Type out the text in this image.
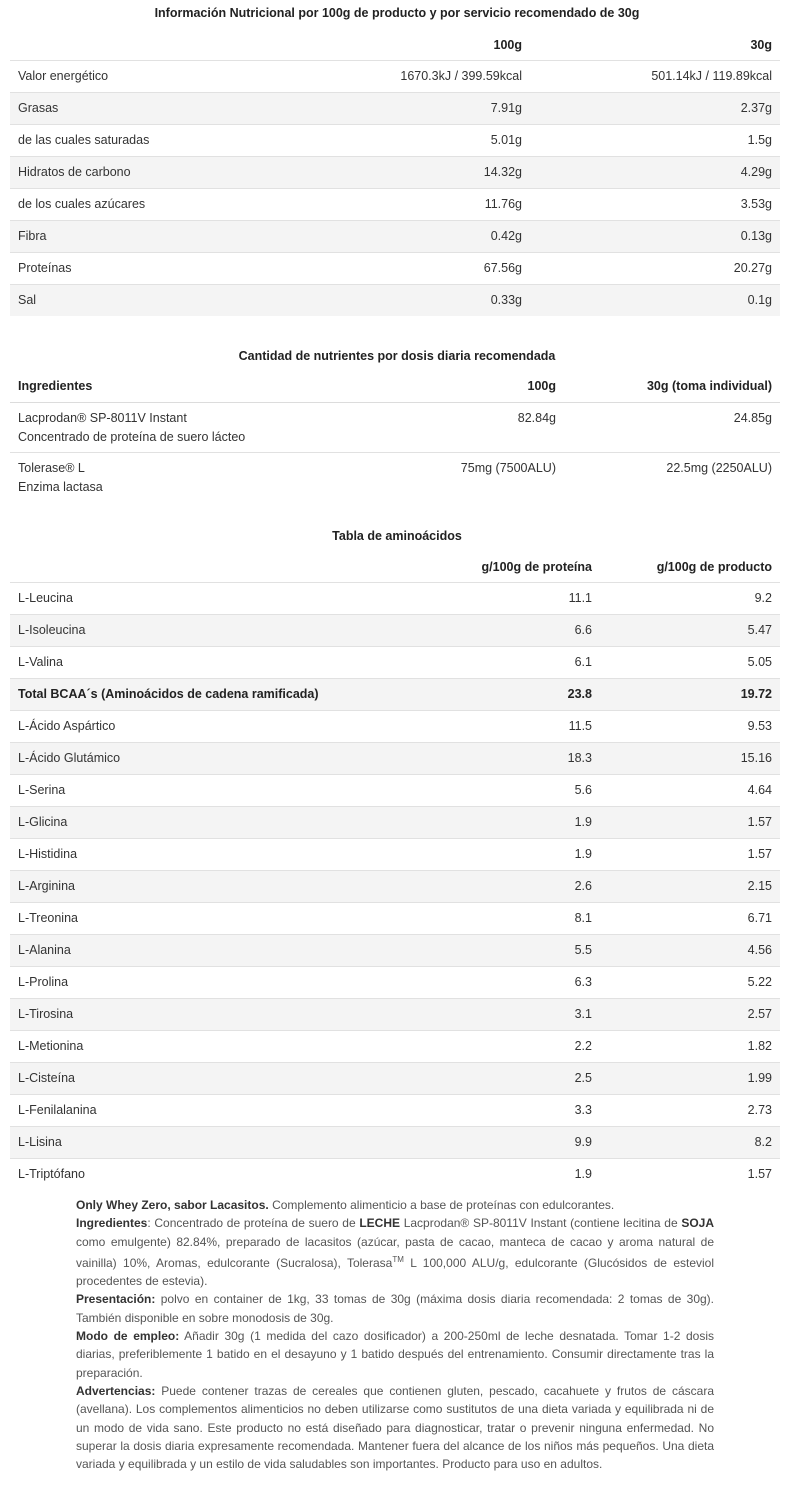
Información Nutricional por 100g de producto y por servicio recomendado de 30g
	100g	30g
Valor energético	1670.3kJ / 399.59kcal	501.14kJ / 119.89kcal
Grasas	7.91g	2.37g
de las cuales saturadas	5.01g	1.5g
Hidratos de carbono	14.32g	4.29g
de los cuales azúcares	11.76g	3.53g
Fibra	0.42g	0.13g
Proteínas	67.56g	20.27g
Sal	0.33g	0.1g
Cantidad de nutrientes por dosis diaria recomendada
Ingredientes	100g	30g (toma individual)

Lacprodan® SP-8011V Instant
Concentrado de proteína de suero lácteo	82.84g	24.85g

Tolerase® L
Enzima lactasa	75mg (7500ALU)	22.5mg (2250ALU)
Tabla de aminoácidos
	g/100g de proteína	g/100g de producto
L-Leucina	11.1	9.2
L-Isoleucina	6.6	5.47
L-Valina	6.1	5.05
Total BCAA´s (Aminoácidos de cadena ramificada)	23.8	19.72
L-Ácido Aspártico	11.5	9.53
L-Ácido Glutámico	18.3	15.16
L-Serina	5.6	4.64
L-Glicina	1.9	1.57
L-Histidina	1.9	1.57
L-Arginina	2.6	2.15
L-Treonina	8.1	6.71
L-Alanina	5.5	4.56
L-Prolina	6.3	5.22
L-Tirosina	3.1	2.57
L-Metionina	2.2	1.82
L-Cisteína	2.5	1.99
L-Fenilalanina	3.3	2.73
L-Lisina	9.9	8.2
L-Triptófano	1.9	1.57

Only Whey Zero, sabor Lacasitos. Complemento alimenticio a base de proteínas con edulcorantes.

Ingredientes: Concentrado de proteína de suero de LECHE Lacprodan® SP-8011V Instant (contiene lecitina de SOJA como emulgente) 82.84%, preparado de lacasitos (azúcar, pasta de cacao, manteca de cacao y aroma natural de vainilla) 10%, Aromas, edulcorante (Sucralosa), Tolerasa™ L 100,000 ALU/g, edulcorante (Glucósidos de esteviol procedentes de estevia).

Presentación: polvo en container de 1kg, 33 tomas de 30g (máxima dosis diaria recomendada: 2 tomas de 30g). También disponible en sobre monodosis de 30g.

Modo de empleo: Añadir 30g (1 medida del cazo dosificador) a 200-250ml de leche desnatada. Tomar 1-2 dosis diarias, preferiblemente 1 batido en el desayuno y 1 batido después del entrenamiento. Consumir directamente tras la preparación.

Advertencias: Puede contener trazas de cereales que contienen gluten, pescado, cacahuete y frutos de cáscara (avellana). Los complementos alimenticios no deben utilizarse como sustitutos de una dieta variada y equilibrada ni de un modo de vida sano. Este producto no está diseñado para diagnosticar, tratar o prevenir ninguna enfermedad. No superar la dosis diaria expresamente recomendada. Mantener fuera del alcance de los niños más pequeños. Una dieta variada y equilibrada y un estilo de vida saludables son importantes. Producto para uso en adultos.
